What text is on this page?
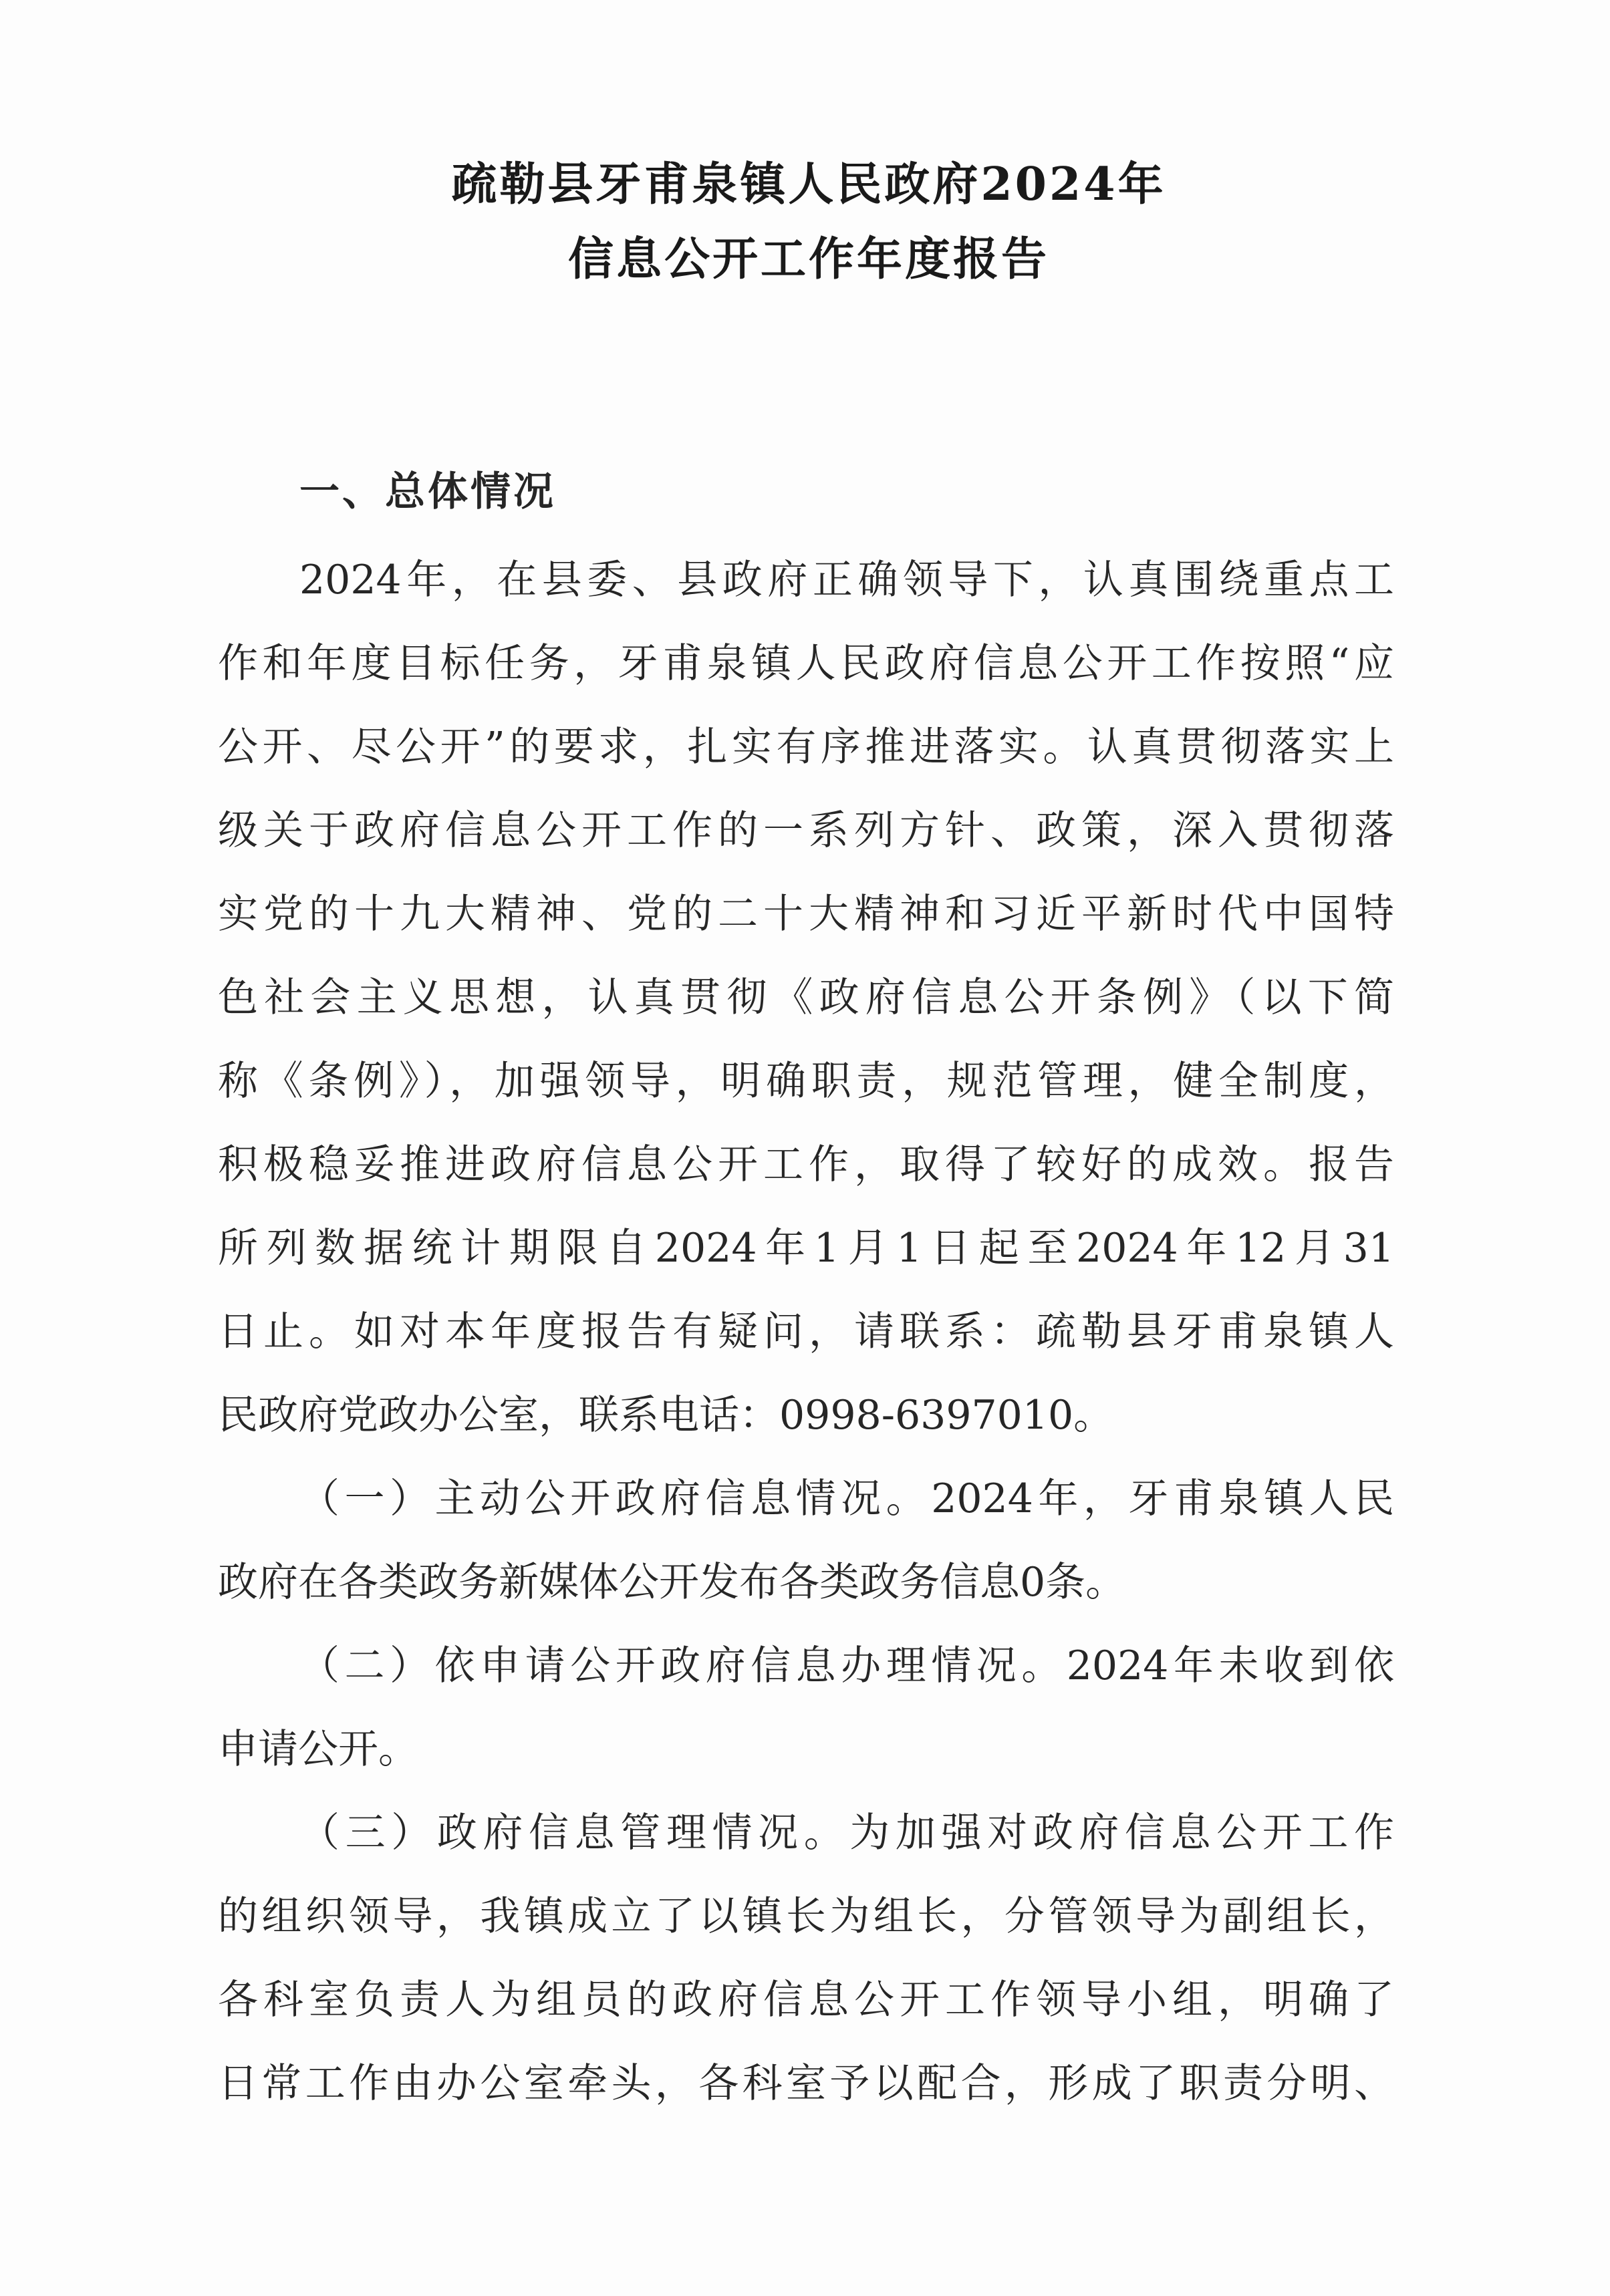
疏勒县牙甫泉镇人民政府2024年
信息公开工作年度报告
一、总体情况
2024年，在县委、县政府正确领导下，认真围绕重点工
作和年度目标任务，牙甫泉镇人民政府信息公开工作按照“应
公开、尽公开”的要求，扎实有序推进落实。认真贯彻落实上
级关于政府信息公开工作的一系列方针、政策，深入贯彻落
实党的十九大精神、党的二十大精神和习近平新时代中国特
色社会主义思想，认真贯彻《政府信息公开条例》（以下简
称《条例》），加强领导，明确职责，规范管理，健全制度，
积极稳妥推进政府信息公开工作，取得了较好的成效。报告
所列数据统计期限自2024年1月1日起至2024年12月31
日止。如对本年度报告有疑问，请联系：疏勒县牙甫泉镇人
民政府党政办公室，联系电话：0998-6397010。
（一）主动公开政府信息情况。2024年，牙甫泉镇人民
政府在各类政务新媒体公开发布各类政务信息0条。
（二）依申请公开政府信息办理情况。2024年未收到依
申请公开。
（三）政府信息管理情况。为加强对政府信息公开工作
的组织领导，我镇成立了以镇长为组长，分管领导为副组长，
各科室负责人为组员的政府信息公开工作领导小组，明确了
日常工作由办公室牵头，各科室予以配合，形成了职责分明、
